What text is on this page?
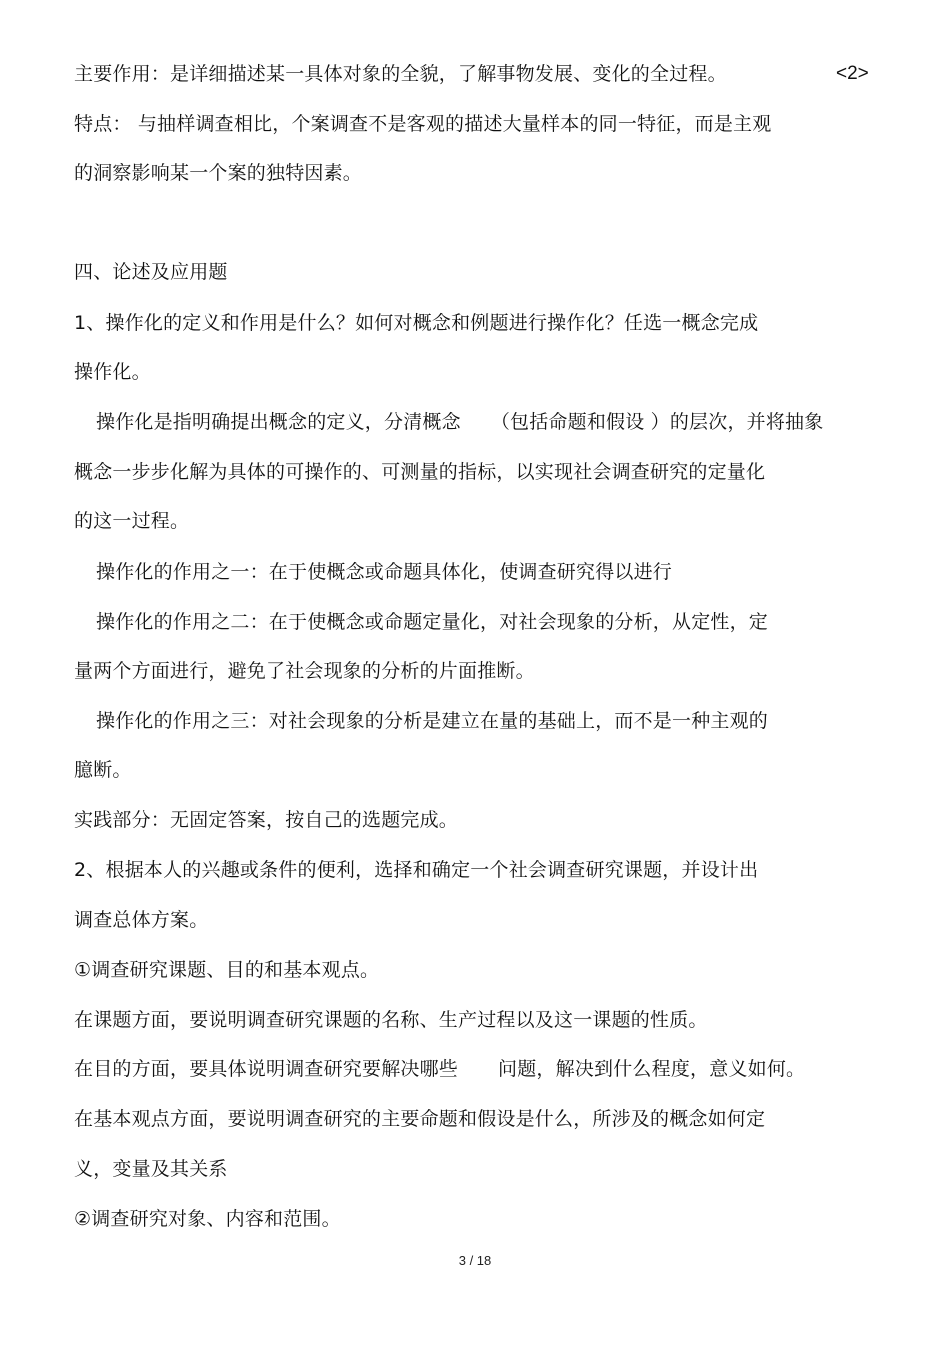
主要作用：是详细描述某一具体对象的全貌，了解事物发展、变化的全过程。	<2>
特点： 与抽样调查相比，个案调查不是客观的描述大量样本的同一特征，而是主观
的洞察影响某一个案的独特因素。
四、论述及应用题
1、操作化的定义和作用是什么？如何对概念和例题进行操作化？任选一概念完成
操作化。
操作化是指明确提出概念的定义，分清概念 （包括命题和假设 ）的层次，并将抽象
概念一步步化解为具体的可操作的、可测量的指标，以实现社会调查研究的定量化
的这一过程。
操作化的作用之一：在于使概念或命题具体化，使调查研究得以进行
操作化的作用之二：在于使概念或命题定量化，对社会现象的分析，从定性，定
量两个方面进行，避免了社会现象的分析的片面推断。
操作化的作用之三：对社会现象的分析是建立在量的基础上，而不是一种主观的
臆断。
实践部分：无固定答案，按自己的选题完成。
2、根据本人的兴趣或条件的便利，选择和确定一个社会调查研究课题，并设计出
调查总体方案。
①调查研究课题、目的和基本观点。
在课题方面，要说明调查研究课题的名称、生产过程以及这一课题的性质。
在目的方面，要具体说明调查研究要解决哪些 问题，解决到什么程度，意义如何。
在基本观点方面，要说明调查研究的主要命题和假设是什么，所涉及的概念如何定
义，变量及其关系
②调查研究对象、内容和范围。
3 / 18
